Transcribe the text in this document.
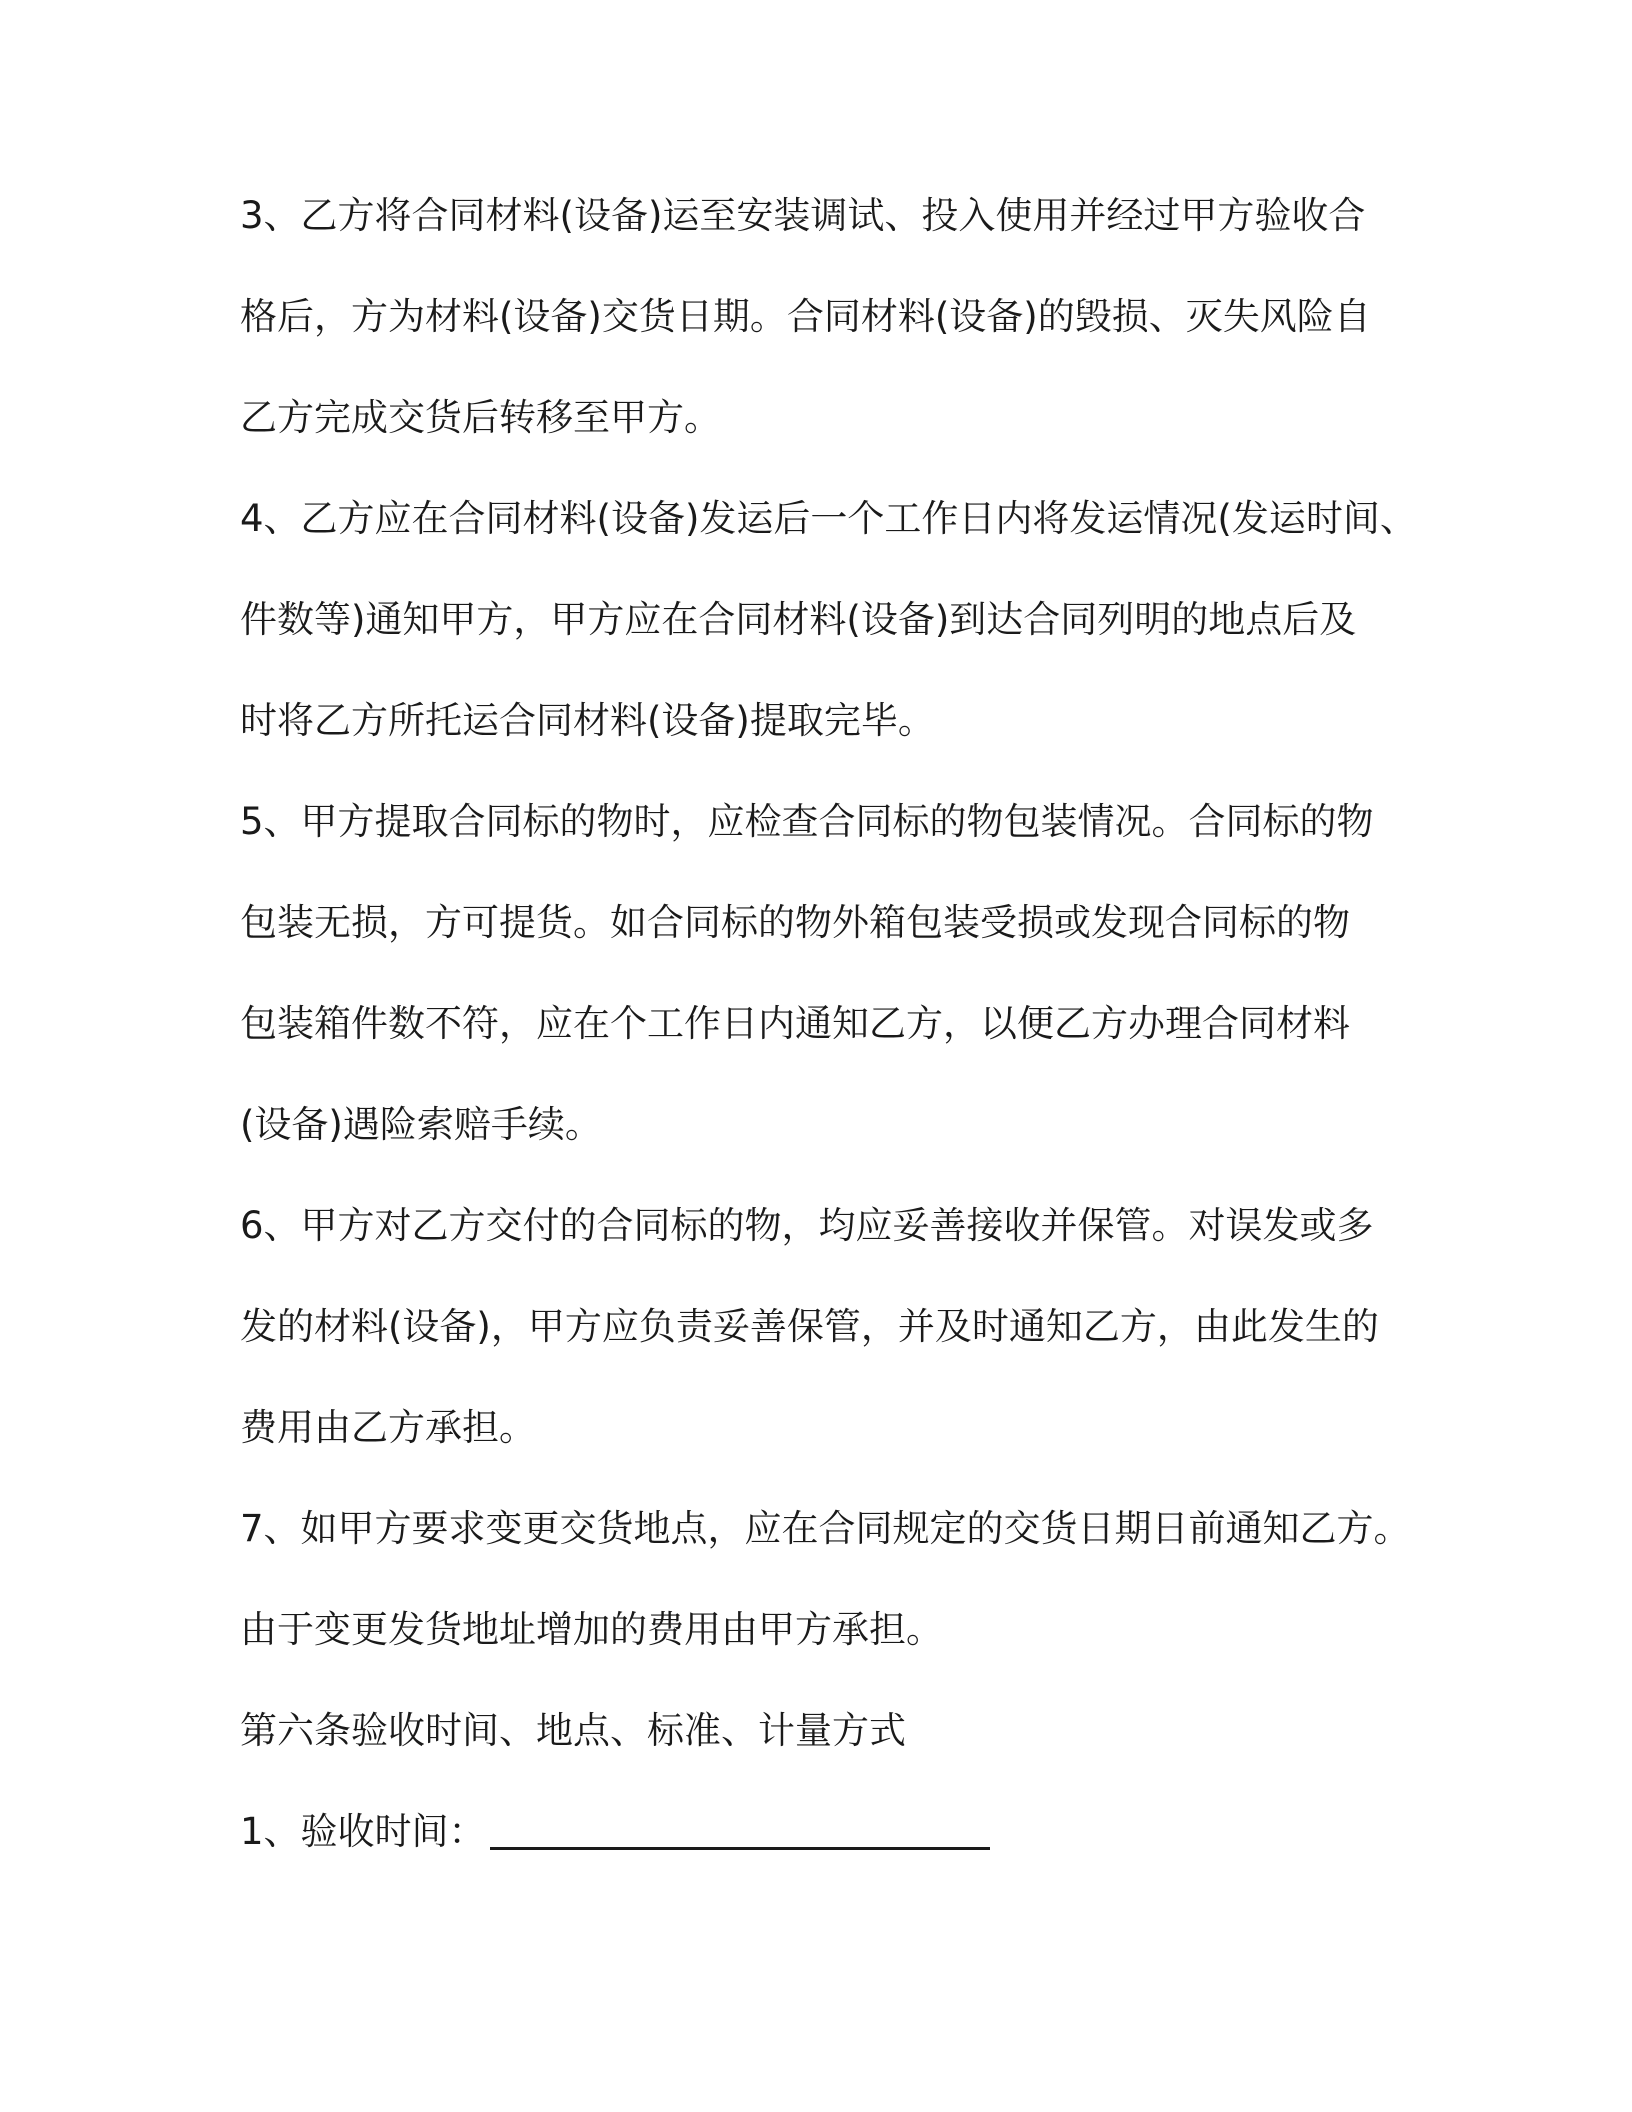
3、乙方将合同材料(设备)运至安装调试、投入使用并经过甲方验收合
格后，方为材料(设备)交货日期。合同材料(设备)的毁损、灭失风险自
乙方完成交货后转移至甲方。
4、乙方应在合同材料(设备)发运后一个工作日内将发运情况(发运时间、
件数等)通知甲方，甲方应在合同材料(设备)到达合同列明的地点后及
时将乙方所托运合同材料(设备)提取完毕。
5、甲方提取合同标的物时，应检查合同标的物包装情况。合同标的物
包装无损，方可提货。如合同标的物外箱包装受损或发现合同标的物
包装箱件数不符，应在个工作日内通知乙方，以便乙方办理合同材料
(设备)遇险索赔手续。
6、甲方对乙方交付的合同标的物，均应妥善接收并保管。对误发或多
发的材料(设备)，甲方应负责妥善保管，并及时通知乙方，由此发生的
费用由乙方承担。
7、如甲方要求变更交货地点，应在合同规定的交货日期日前通知乙方。
由于变更发货地址增加的费用由甲方承担。
第六条验收时间、地点、标准、计量方式
1、验收时间：
